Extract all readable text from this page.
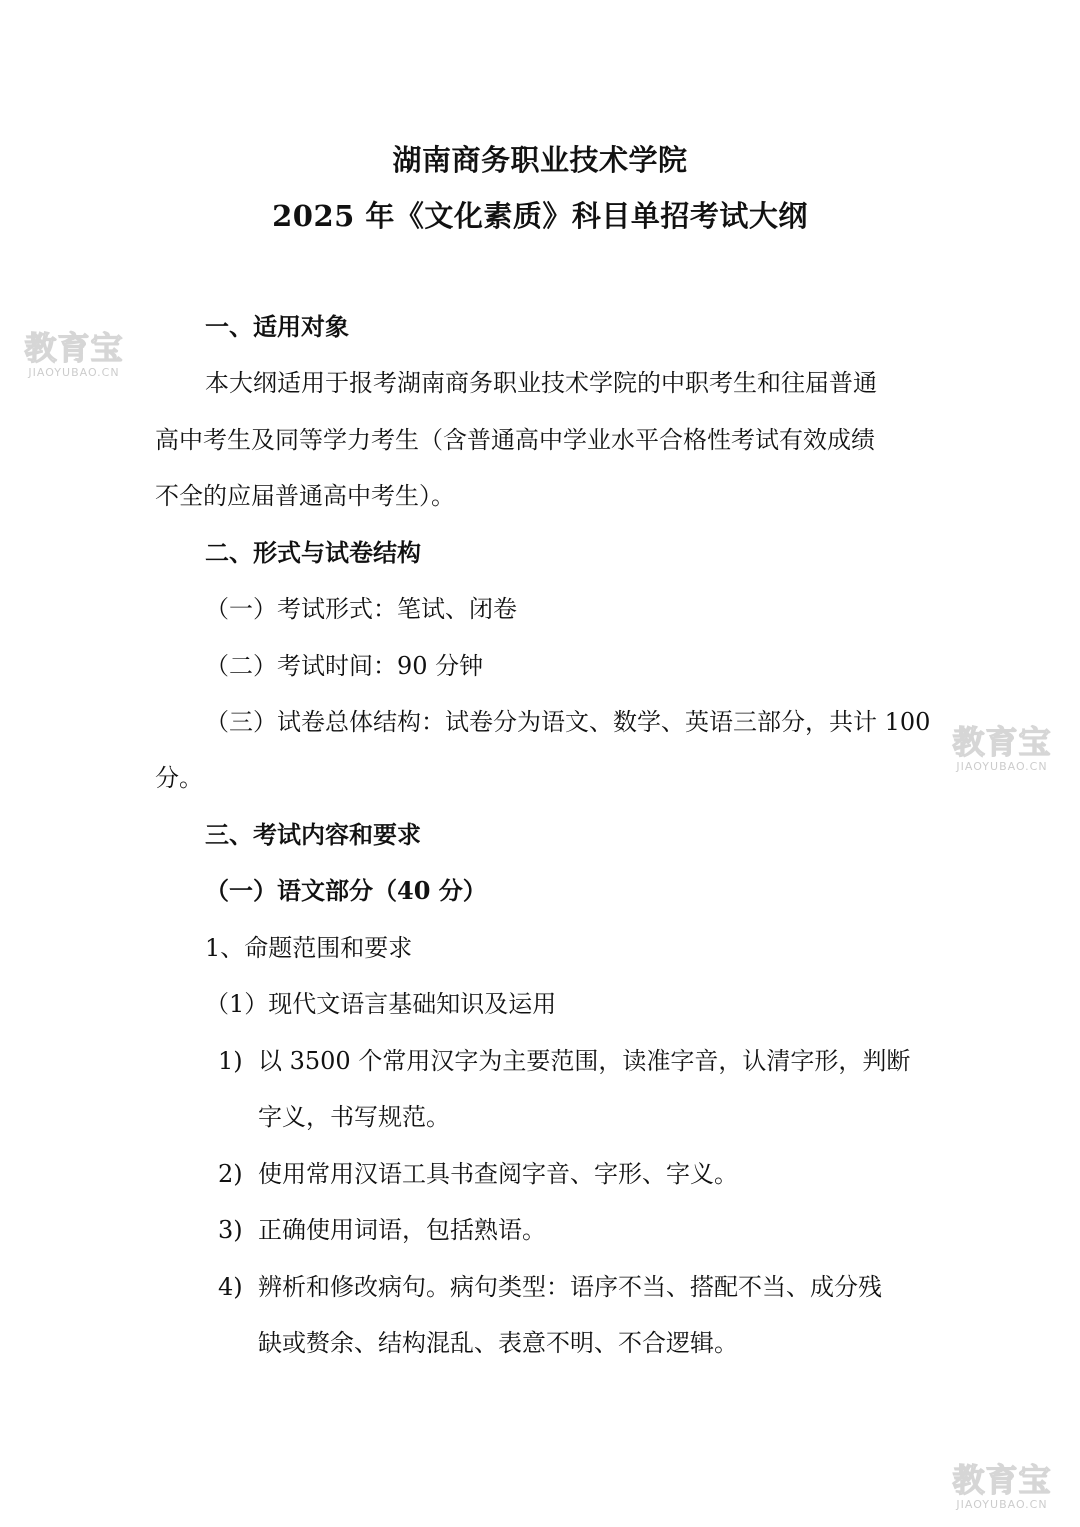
湖南商务职业技术学院
2025 年《文化素质》科目单招考试大纲
一、适用对象
本大纲适用于报考湖南商务职业技术学院的中职考生和往届普通
高中考生及同等学力考生（含普通高中学业水平合格性考试有效成绩
不全的应届普通高中考生）。
二、形式与试卷结构
（一）考试形式：笔试、闭卷
（二）考试时间：90 分钟
（三）试卷总体结构：试卷分为语文、数学、英语三部分，共计 100
分。
三、考试内容和要求
（一）语文部分（40 分）
1、命题范围和要求
（1）现代文语言基础知识及运用
1) 以 3500 个常用汉字为主要范围，读准字音，认清字形，判断
字义，书写规范。
2) 使用常用汉语工具书查阅字音、字形、字义。
3) 正确使用词语，包括熟语。
4) 辨析和修改病句。病句类型：语序不当、搭配不当、成分残
缺或赘余、结构混乱、表意不明、不合逻辑。
教育宝
JIAOYUBAO.CN
教育宝
JIAOYUBAO.CN
教育宝
JIAOYUBAO.CN
